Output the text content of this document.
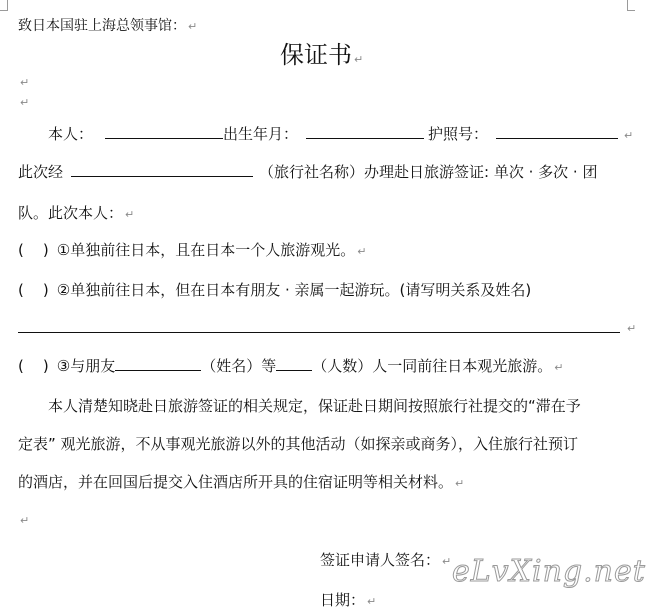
致日本国驻上海总领事馆： ↵
保证书 ↵
↵
↵
本人：	出生年月：	护照号：	↵
此次经	（旅行社名称）办理赴日旅游签证: 单次 · 多次 · 团
队。此次本人： ↵
(    ) ①单独前往日本，且在日本一个人旅游观光。 ↵
(    ) ②单独前往日本，但在日本有朋友 · 亲属一起游玩。(请写明关系及姓名)
↵
(    ) ③与朋友	（姓名）等 （人数）人一同前往日本观光旅游。 ↵
本人清楚知晓赴日旅游签证的相关规定，保证赴日期间按照旅行社提交的“滞在予
定表” 观光旅游，不从事观光旅游以外的其他活动（如探亲或商务），入住旅行社预订
的酒店，并在回国后提交入住酒店所开具的住宿证明等相关材料。 ↵
↵
签证申请人签名： ↵
日期： ↵
eLvXing.net
